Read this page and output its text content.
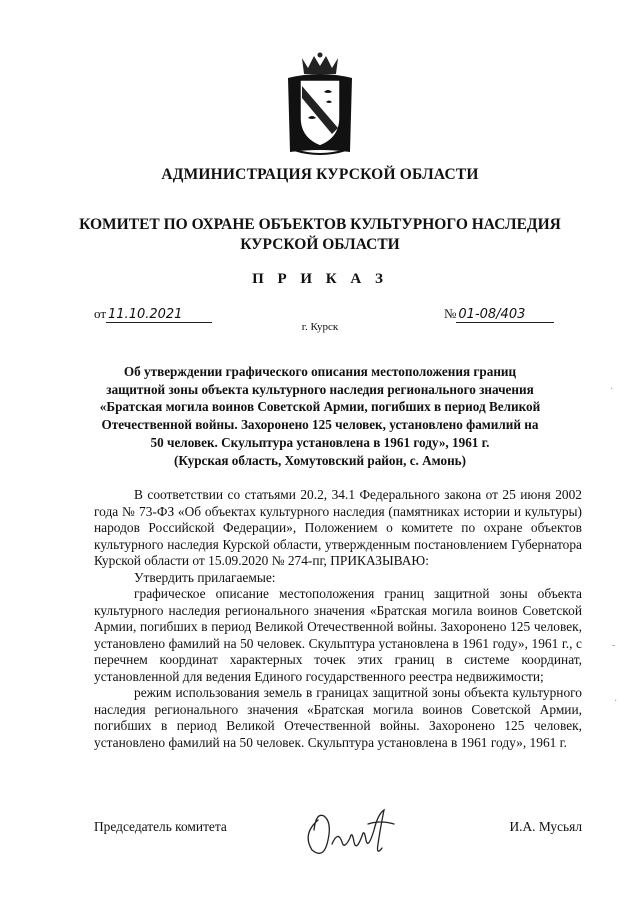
АДМИНИСТРАЦИЯ КУРСКОЙ ОБЛАСТИ
КОМИТЕТ ПО ОХРАНЕ ОБЪЕКТОВ КУЛЬТУРНОГО НАСЛЕДИЯ
КУРСКОЙ ОБЛАСТИ
П Р И К А З
от 11.10.2021	№ 01-08/403
г. Курск
Об утверждении графического описания местоположения границ
защитной зоны объекта культурного наследия регионального значения
«Братская могила воинов Советской Армии, погибших в период Великой
Отечественной войны. Захоронено 125 человек, установлено фамилий на
50 человек. Скульптура установлена в 1961 году», 1961 г.
(Курская область, Хомутовский район, с. Амонь)

В соответствии со статьями 20.2, 34.1 Федерального закона от 25 июня 2002 года № 73-ФЗ «Об объектах культурного наследия (памятниках истории и культуры) народов Российской Федерации», Положением о комитете по охране объектов культурного наследия Курской области, утвержденным постановлением Губернатора Курской области от 15.09.2020 № 274-пг, ПРИКАЗЫВАЮ:

Утвердить прилагаемые:

графическое описание местоположения границ защитной зоны объекта культурного наследия регионального значения «Братская могила воинов Советской Армии, погибших в период Великой Отечественной войны. Захоронено 125 человек, установлено фамилий на 50 человек. Скульптура установлена в 1961 году», 1961 г., с перечнем координат характерных точек этих границ в системе координат, установленной для ведения Единого государственного реестра недвижимости;

режим использования земель в границах защитной зоны объекта культурного наследия регионального значения «Братская могила воинов Советской Армии, погибших в период Великой Отечественной войны. Захоронено 125 человек, установлено фамилий на 50 человек. Скульптура установлена в 1961 году», 1961 г.

Председатель комитета	И.А. Мусьял
·
-
·
